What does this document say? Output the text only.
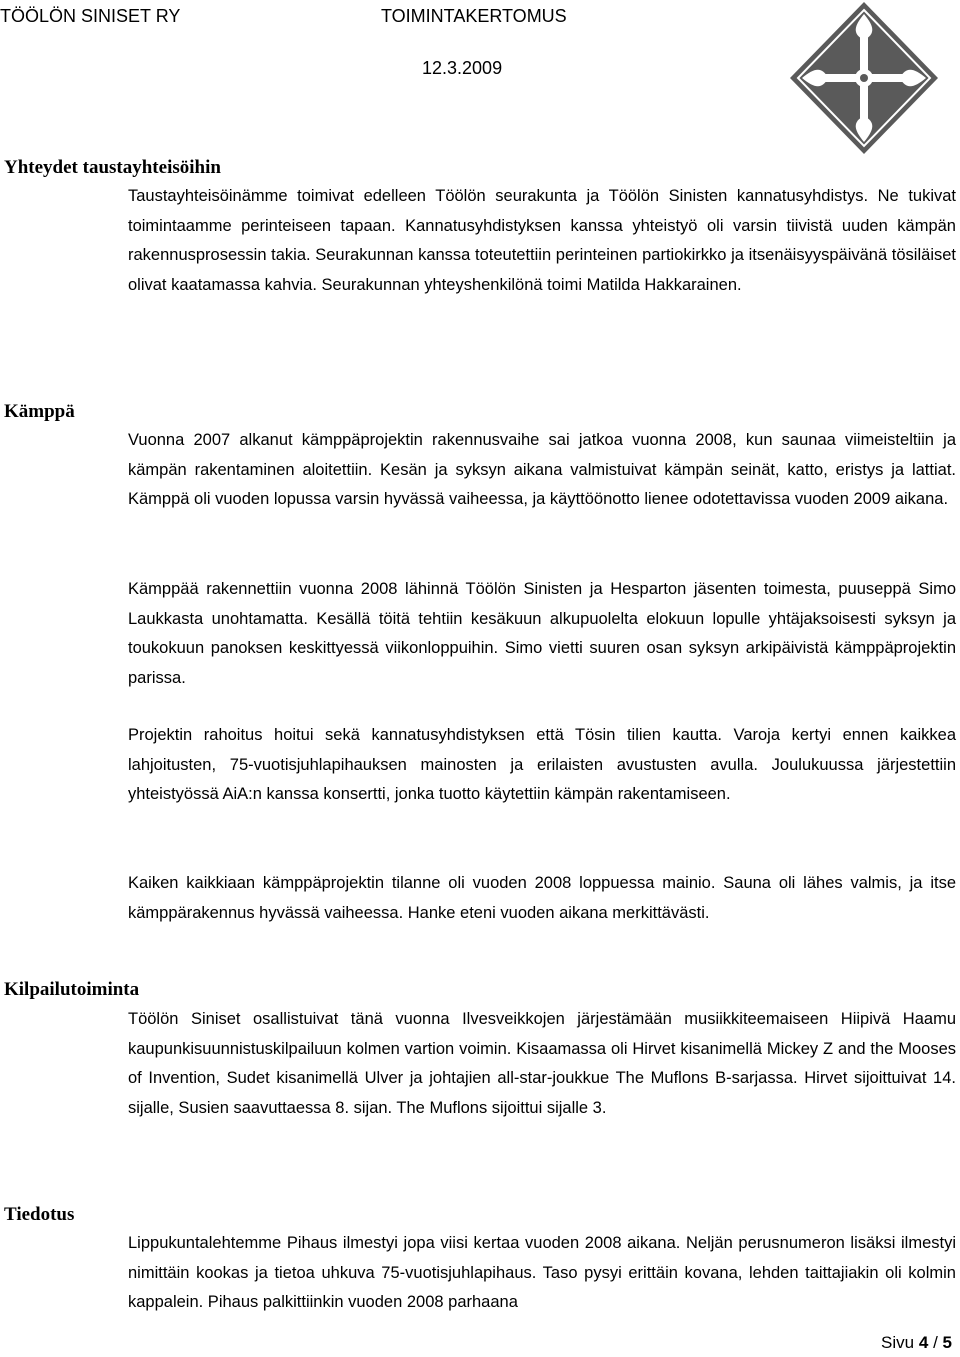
TÖÖLÖN SINISET RY	TOIMINTAKERTOMUS
12.3.2009
Yhteydet taustayhteisöihin

Taustayhteisöinämme toimivat edelleen Töölön seurakunta ja Töölön Sinisten kannatusyhdistys. Ne tukivat toimintaamme perinteiseen tapaan. Kannatusyhdistyksen kanssa yhteistyö oli varsin tiivistä uuden kämpän rakennusprosessin takia. Seurakunnan kanssa toteutettiin perinteinen partiokirkko ja itsenäisyyspäivänä tösiläiset olivat kaatamassa kahvia. Seurakunnan yhteyshenkilönä toimi Matilda Hakkarainen.

Kämppä

Vuonna 2007 alkanut kämppäprojektin rakennusvaihe sai jatkoa vuonna 2008, kun saunaa viimeisteltiin ja kämpän rakentaminen aloitettiin. Kesän ja syksyn aikana valmistuivat kämpän seinät, katto, eristys ja lattiat. Kämppä oli vuoden lopussa varsin hyvässä vaiheessa, ja käyttöönotto lienee odotettavissa vuoden 2009 aikana.

Kämppää rakennettiin vuonna 2008 lähinnä Töölön Sinisten ja Hesparton jäsenten toimesta, puuseppä Simo Laukkasta unohtamatta. Kesällä töitä tehtiin kesäkuun alkupuolelta elokuun lopulle yhtäjaksoisesti syksyn ja toukokuun panoksen keskittyessä viikonloppuihin. Simo vietti suuren osan syksyn arkipäivistä kämppäprojektin parissa.

Projektin rahoitus hoitui sekä kannatusyhdistyksen että Tösin tilien kautta. Varoja kertyi ennen kaikkea lahjoitusten, 75-vuotisjuhlapihauksen mainosten ja erilaisten avustusten avulla. Joulukuussa järjestettiin yhteistyössä AiA:n kanssa konsertti, jonka tuotto käytettiin kämpän rakentamiseen.

Kaiken kaikkiaan kämppäprojektin tilanne oli vuoden 2008 loppuessa mainio. Sauna oli lähes valmis, ja itse kämppärakennus hyvässä vaiheessa. Hanke eteni vuoden aikana merkittävästi.

Kilpailutoiminta

Töölön Siniset osallistuivat tänä vuonna Ilvesveikkojen järjestämään musiikkiteemaiseen Hiipivä Haamu kaupunkisuunnistuskilpailuun kolmen vartion voimin. Kisaamassa oli Hirvet kisanimellä Mickey Z and the Mooses of Invention, Sudet kisanimellä Ulver ja johtajien all-star-joukkue The Muflons B-sarjassa. Hirvet sijoittuivat 14. sijalle, Susien saavuttaessa 8. sijan. The Muflons sijoittui sijalle 3.

Tiedotus

Lippukuntalehtemme Pihaus ilmestyi jopa viisi kertaa vuoden 2008 aikana. Neljän perusnumeron lisäksi ilmestyi nimittäin kookas ja tietoa uhkuva 75-vuotisjuhlapihaus. Taso pysyi erittäin kovana, lehden taittajiakin oli kolmin kappalein. Pihaus palkittiinkin vuoden 2008 parhaana

Sivu 4 / 5
